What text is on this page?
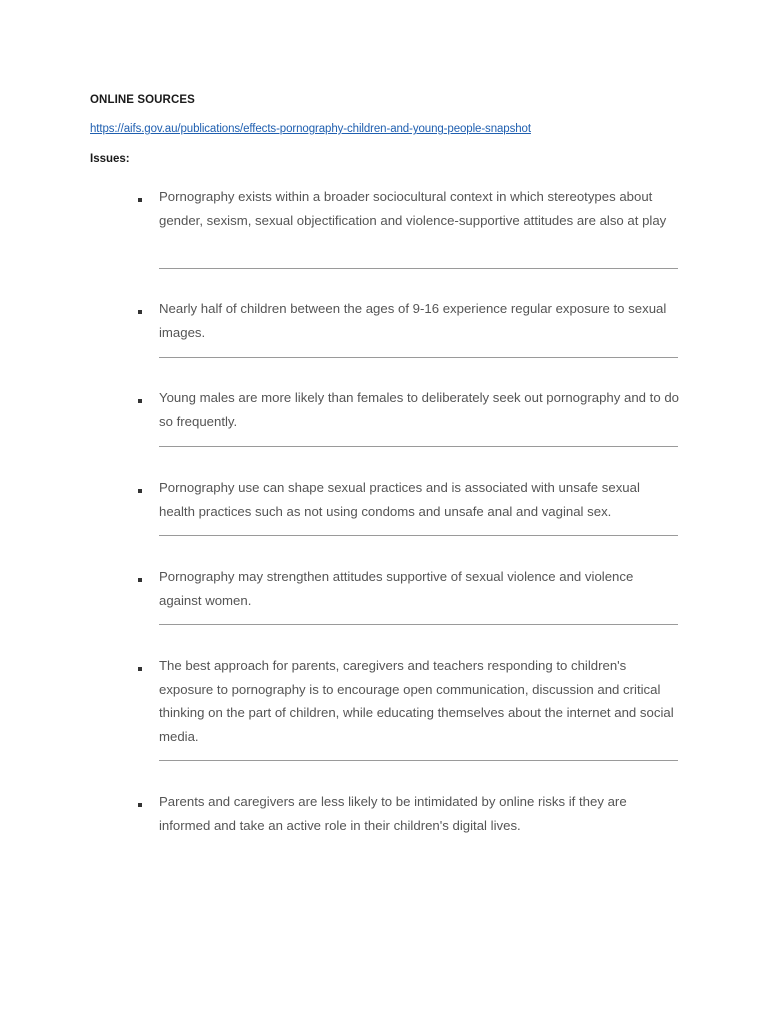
ONLINE SOURCES
https://aifs.gov.au/publications/effects-pornography-children-and-young-people-snapshot
Issues:
Pornography exists within a broader sociocultural context in which stereotypes about gender, sexism, sexual objectification and violence-supportive attitudes are also at play
Nearly half of children between the ages of 9-16 experience regular exposure to sexual images.
Young males are more likely than females to deliberately seek out pornography and to do so frequently.
Pornography use can shape sexual practices and is associated with unsafe sexual health practices such as not using condoms and unsafe anal and vaginal sex.
Pornography may strengthen attitudes supportive of sexual violence and violence against women.
The best approach for parents, caregivers and teachers responding to children's exposure to pornography is to encourage open communication, discussion and critical thinking on the part of children, while educating themselves about the internet and social media.
Parents and caregivers are less likely to be intimidated by online risks if they are informed and take an active role in their children's digital lives.
